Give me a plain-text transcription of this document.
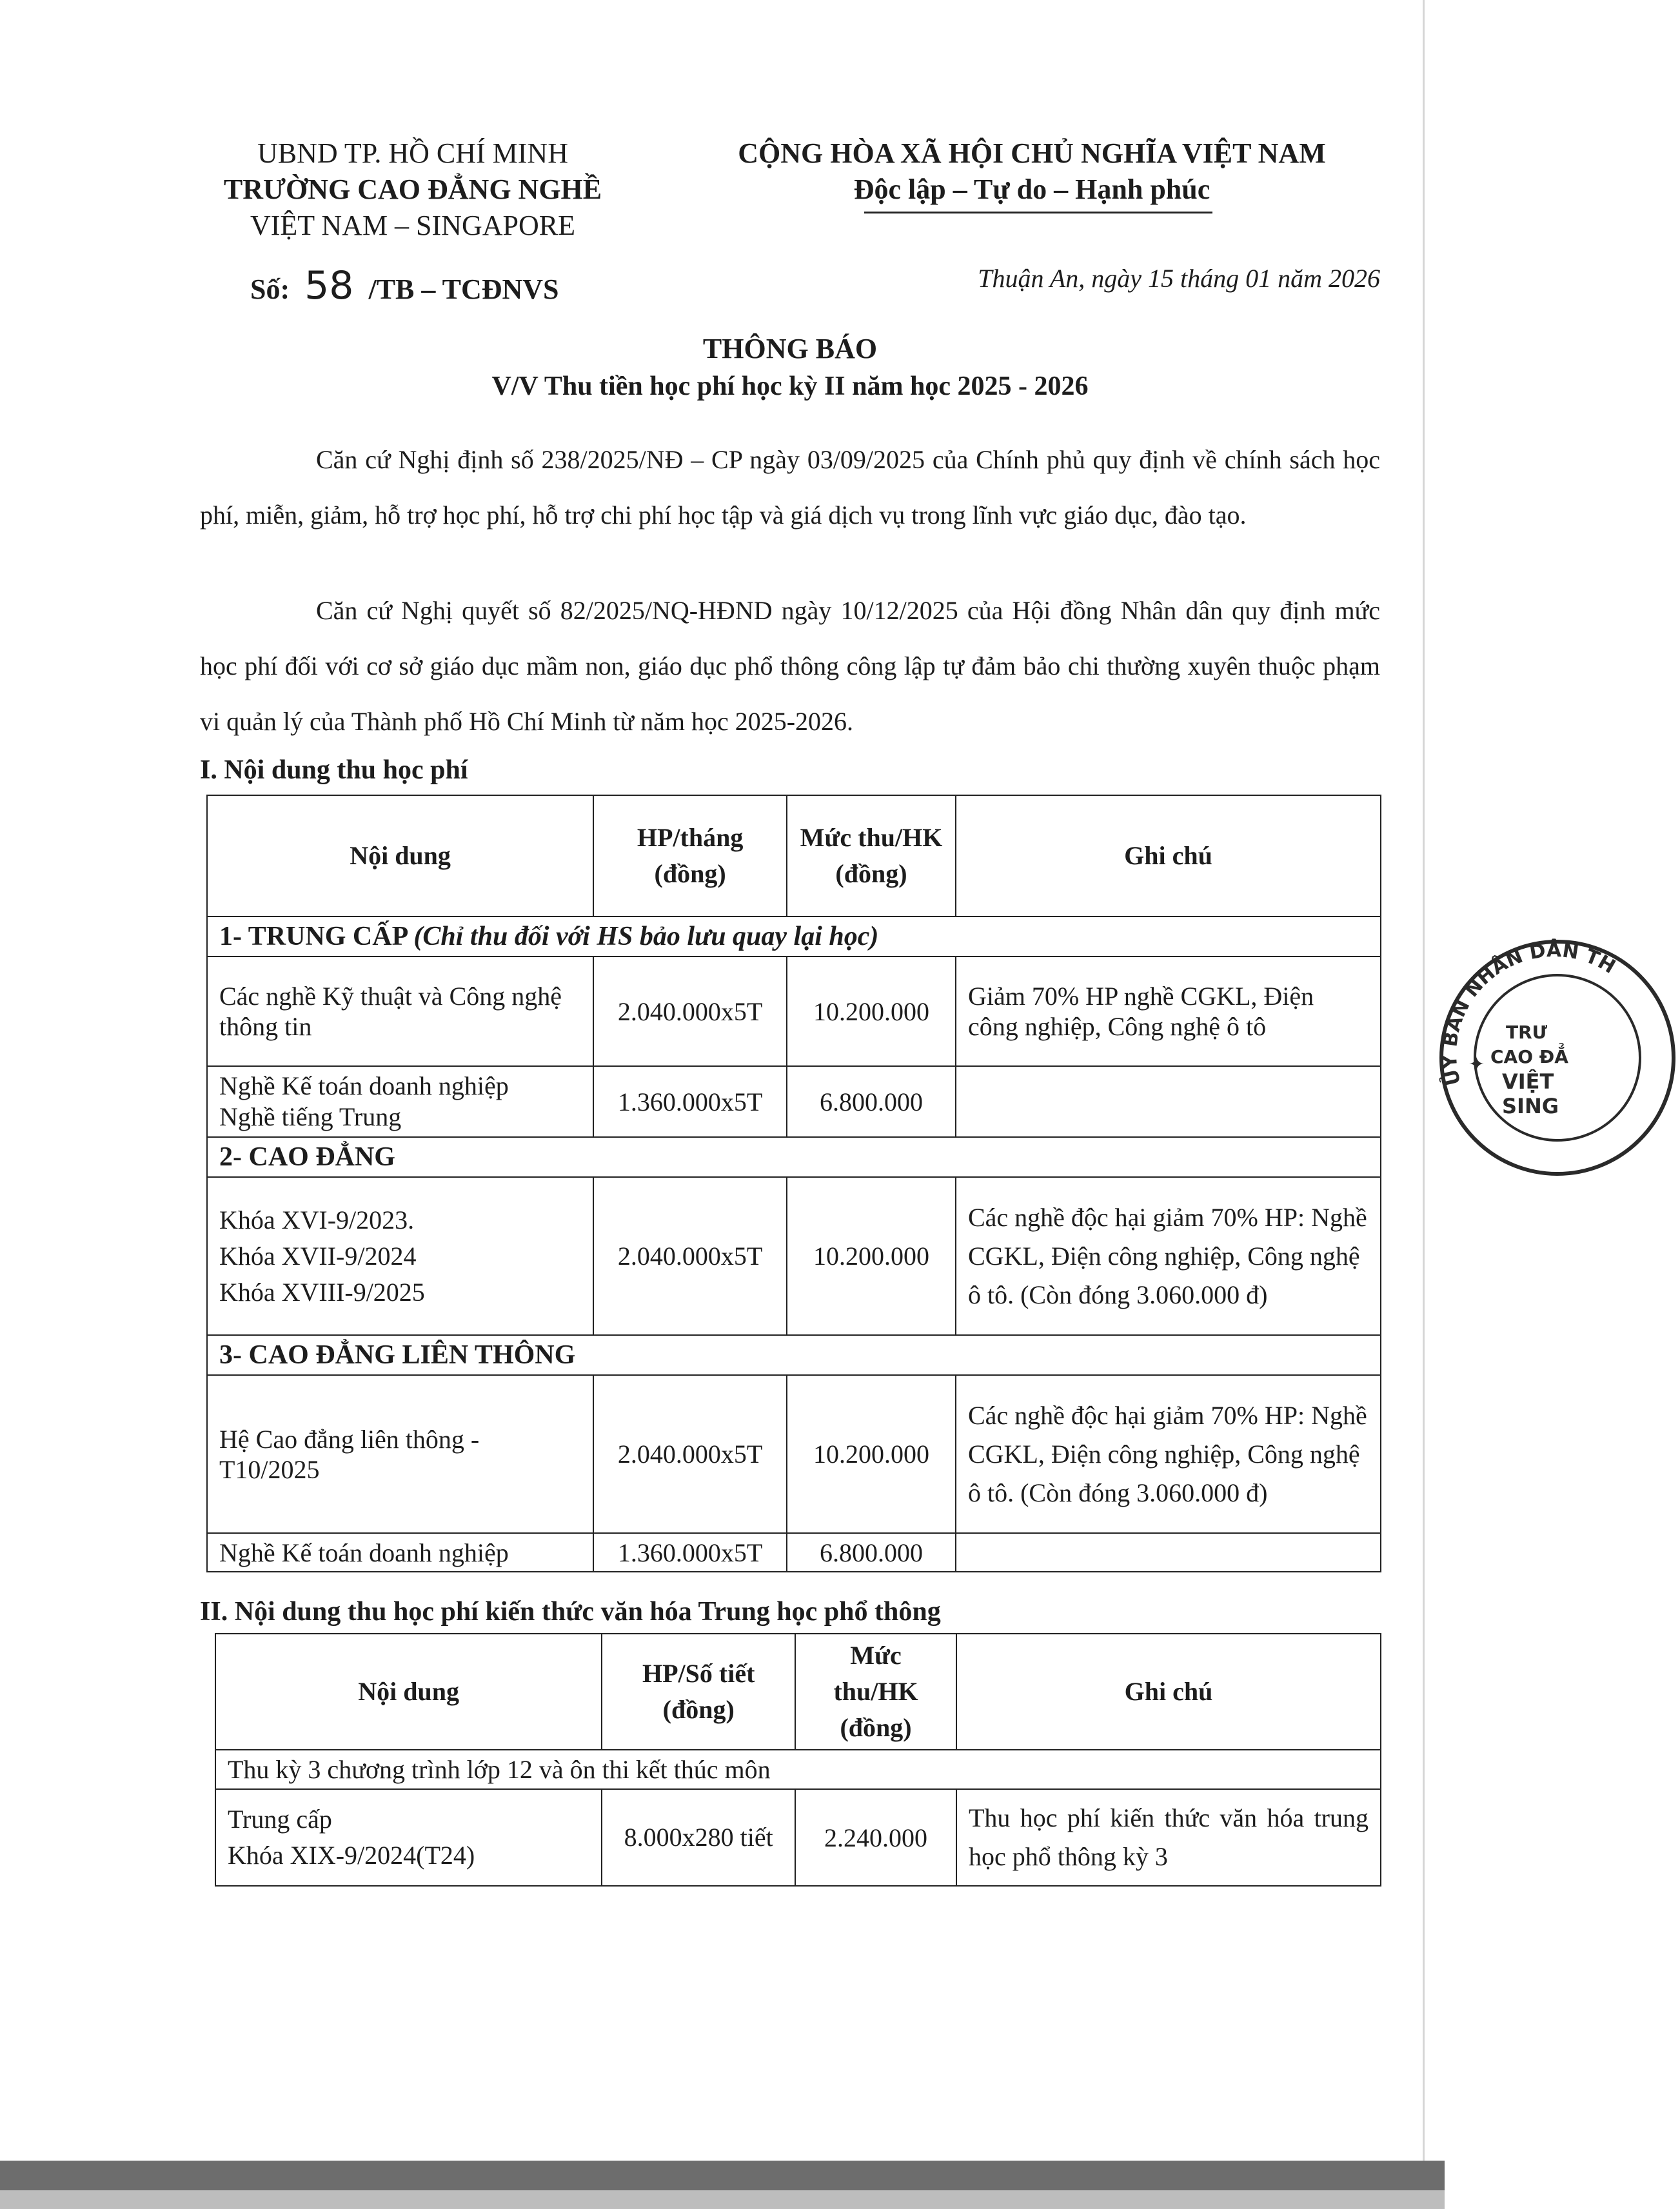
UBND TP. HỒ CHÍ MINH
TRƯỜNG CAO ĐẲNG NGHỀ
VIỆT NAM – SINGAPORE
Số: 58 /TB – TCĐNVS
CỘNG HÒA XÃ HỘI CHỦ NGHĨA VIỆT NAM
Độc lập – Tự do – Hạnh phúc
Thuận An, ngày 15 tháng 01 năm 2026
THÔNG BÁO
V/V Thu tiền học phí học kỳ II năm học 2025 - 2026
Căn cứ Nghị định số 238/2025/NĐ – CP ngày 03/09/2025 của Chính phủ quy định về chính sách học phí, miễn, giảm, hỗ trợ học phí, hỗ trợ chi phí học tập và giá dịch vụ trong lĩnh vực giáo dục, đào tạo.
Căn cứ Nghị quyết số 82/2025/NQ-HĐND ngày 10/12/2025 của Hội đồng Nhân dân quy định mức học phí đối với cơ sở giáo dục mầm non, giáo dục phổ thông công lập tự đảm bảo chi thường xuyên thuộc phạm vi quản lý của Thành phố Hồ Chí Minh từ năm học 2025-2026.
I. Nội dung thu học phí
Nội dung	HP/tháng (đồng)	Mức thu/HK (đồng)	Ghi chú
1- TRUNG CẤP (Chỉ thu đối với HS bảo lưu quay lại học)			
Các nghề Kỹ thuật và Công nghệ thông tin	2.040.000x5T	10.200.000	Giảm 70% HP nghề CGKL, Điện công nghiệp, Công nghệ ô tô

Nghề Kế toán doanh nghiệp
Nghề tiếng Trung	1.360.000x5T	6.800.000	
2- CAO ĐẲNG			

Khóa XVI-9/2023.
Khóa XVII-9/2024
Khóa XVIII-9/2025	2.040.000x5T	10.200.000	Các nghề độc hại giảm 70% HP: Nghề CGKL, Điện công nghiệp, Công nghệ ô tô. (Còn đóng 3.060.000 đ)
3- CAO ĐẲNG LIÊN THÔNG			
Hệ Cao đẳng liên thông - T10/2025	2.040.000x5T	10.200.000	Các nghề độc hại giảm 70% HP: Nghề CGKL, Điện công nghiệp, Công nghệ ô tô. (Còn đóng 3.060.000 đ)
Nghề Kế toán doanh nghiệp	1.360.000x5T	6.800.000	
II. Nội dung thu học phí kiến thức văn hóa Trung học phổ thông
Nội dung	HP/Số tiết (đồng)	Mức thu/HK (đồng)	Ghi chú
Thu kỳ 3 chương trình lớp 12 và ôn thi kết thúc môn			

Trung cấp
Khóa XIX-9/2024(T24)	8.000x280 tiết	2.240.000	Thu học phí kiến thức văn hóa trung học phổ thông kỳ 3
ỦY BAN NHÂN DÂN TH
TRƯ
CAO ĐẲ
VIỆT
SING
✦
